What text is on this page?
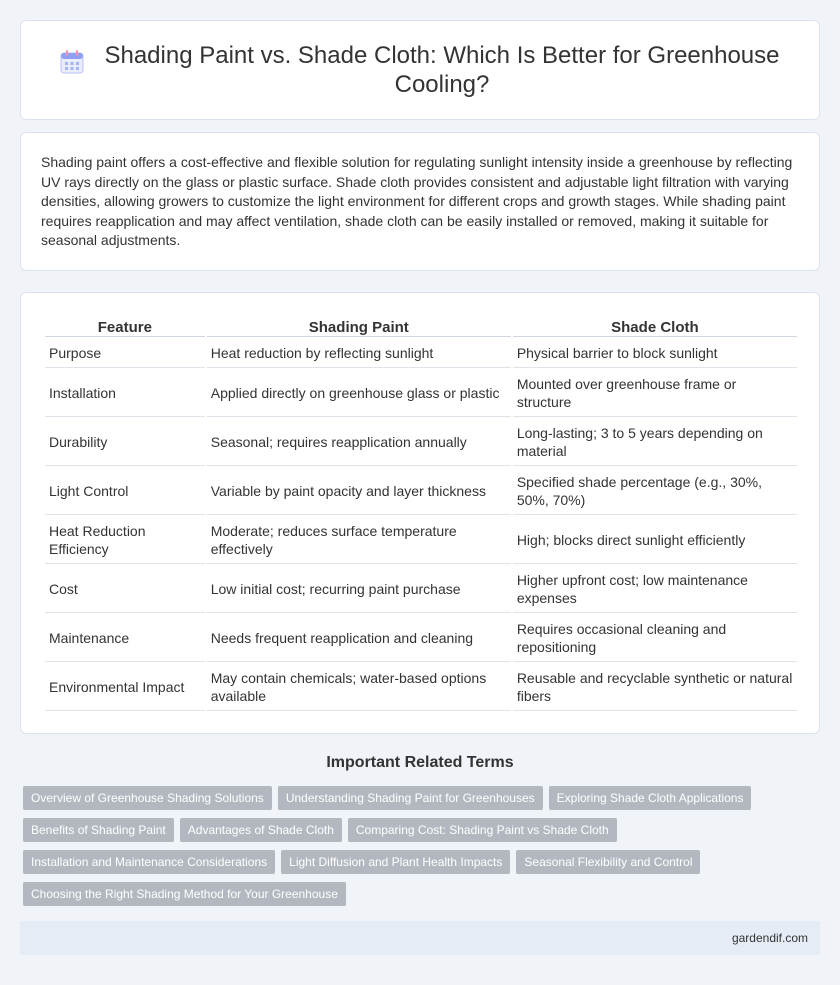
Shading Paint vs. Shade Cloth: Which Is Better for Greenhouse Cooling?

Shading paint offers a cost-effective and flexible solution for regulating sunlight intensity inside a greenhouse by reflecting UV rays directly on the glass or plastic surface. Shade cloth provides consistent and adjustable light filtration with varying densities, allowing growers to customize the light environment for different crops and growth stages. While shading paint requires reapplication and may affect ventilation, shade cloth can be easily installed or removed, making it suitable for seasonal adjustments.

Feature	Shading Paint	Shade Cloth
Purpose	Heat reduction by reflecting sunlight	Physical barrier to block sunlight
Installation	Applied directly on greenhouse glass or plastic	Mounted over greenhouse frame or structure
Durability	Seasonal; requires reapplication annually	Long-lasting; 3 to 5 years depending on material
Light Control	Variable by paint opacity and layer thickness	Specified shade percentage (e.g., 30%, 50%, 70%)
Heat Reduction Efficiency	Moderate; reduces surface temperature effectively	High; blocks direct sunlight efficiently
Cost	Low initial cost; recurring paint purchase	Higher upfront cost; low maintenance expenses
Maintenance	Needs frequent reapplication and cleaning	Requires occasional cleaning and repositioning
Environmental Impact	May contain chemicals; water-based options available	Reusable and recyclable synthetic or natural fibers
Important Related Terms
Overview of Greenhouse Shading Solutions	Understanding Shading Paint for Greenhouses	Exploring Shade Cloth Applications
Benefits of Shading Paint	Advantages of Shade Cloth	Comparing Cost: Shading Paint vs Shade Cloth
Installation and Maintenance Considerations	Light Diffusion and Plant Health Impacts	Seasonal Flexibility and Control
Choosing the Right Shading Method for Your Greenhouse
gardendif.com
